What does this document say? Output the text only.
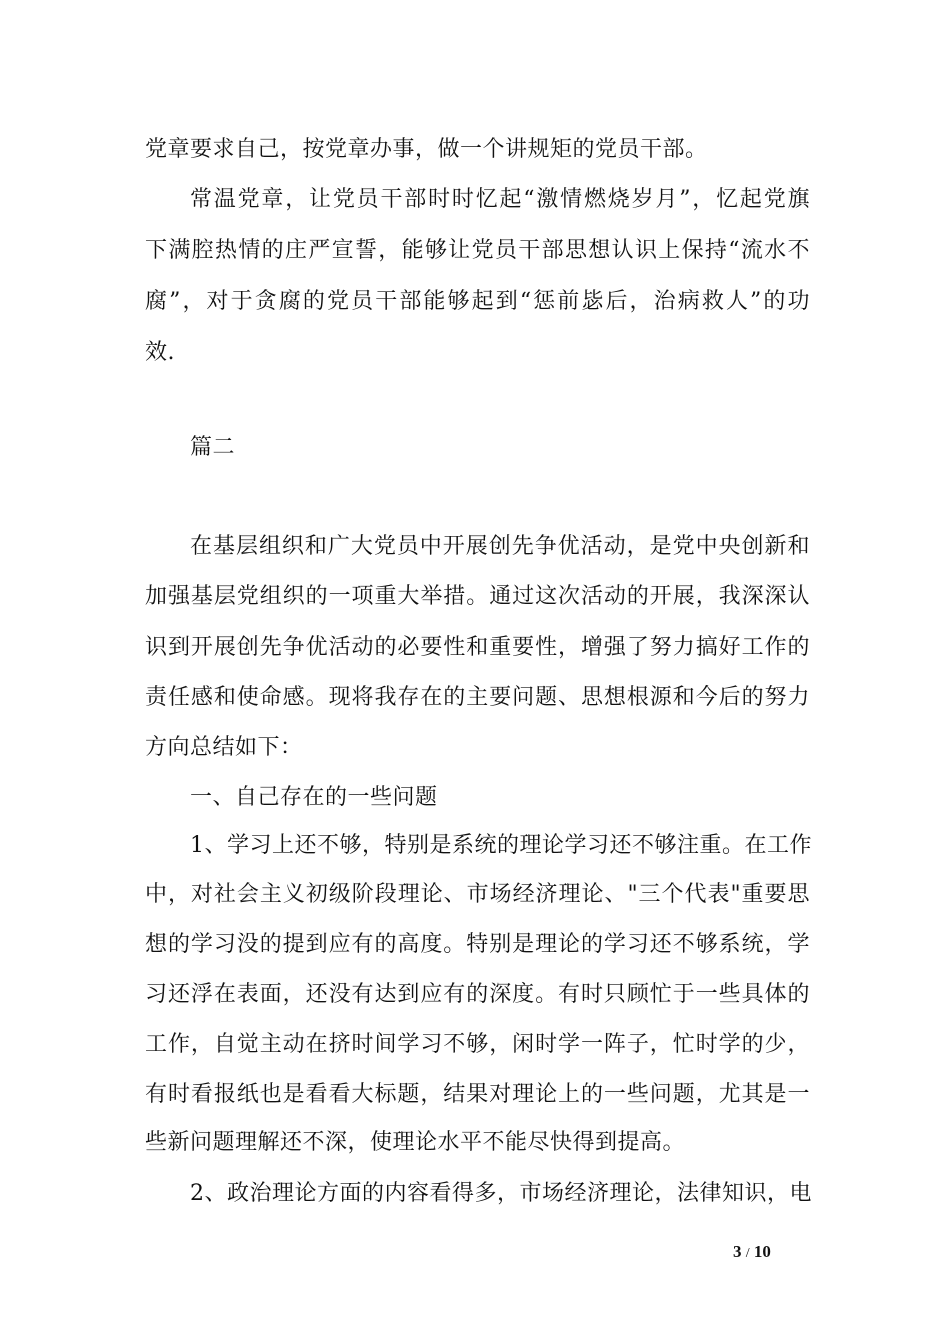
党章要求自己，按党章办事，做一个讲规矩的党员干部。
常温党章，让党员干部时时忆起“激情燃烧岁月”，忆起党旗
下满腔热情的庄严宣誓，能够让党员干部思想认识上保持“流水不
腐”，对于贪腐的党员干部能够起到“惩前毖后，治病救人”的功
效.
篇二
在基层组织和广大党员中开展创先争优活动，是党中央创新和
加强基层党组织的一项重大举措。通过这次活动的开展，我深深认
识到开展创先争优活动的必要性和重要性，增强了努力搞好工作的
责任感和使命感。现将我存在的主要问题、思想根源和今后的努力
方向总结如下：
一、自己存在的一些问题
1、学习上还不够，特别是系统的理论学习还不够注重。在工作
中，对社会主义初级阶段理论、市场经济理论、"三个代表"重要思
想的学习没的提到应有的高度。特别是理论的学习还不够系统，学
习还浮在表面，还没有达到应有的深度。有时只顾忙于一些具体的
工作，自觉主动在挤时间学习不够，闲时学一阵子，忙时学的少，
有时看报纸也是看看大标题，结果对理论上的一些问题，尤其是一
些新问题理解还不深，使理论水平不能尽快得到提高。
2、政治理论方面的内容看得多，市场经济理论，法律知识，电
3 / 10
